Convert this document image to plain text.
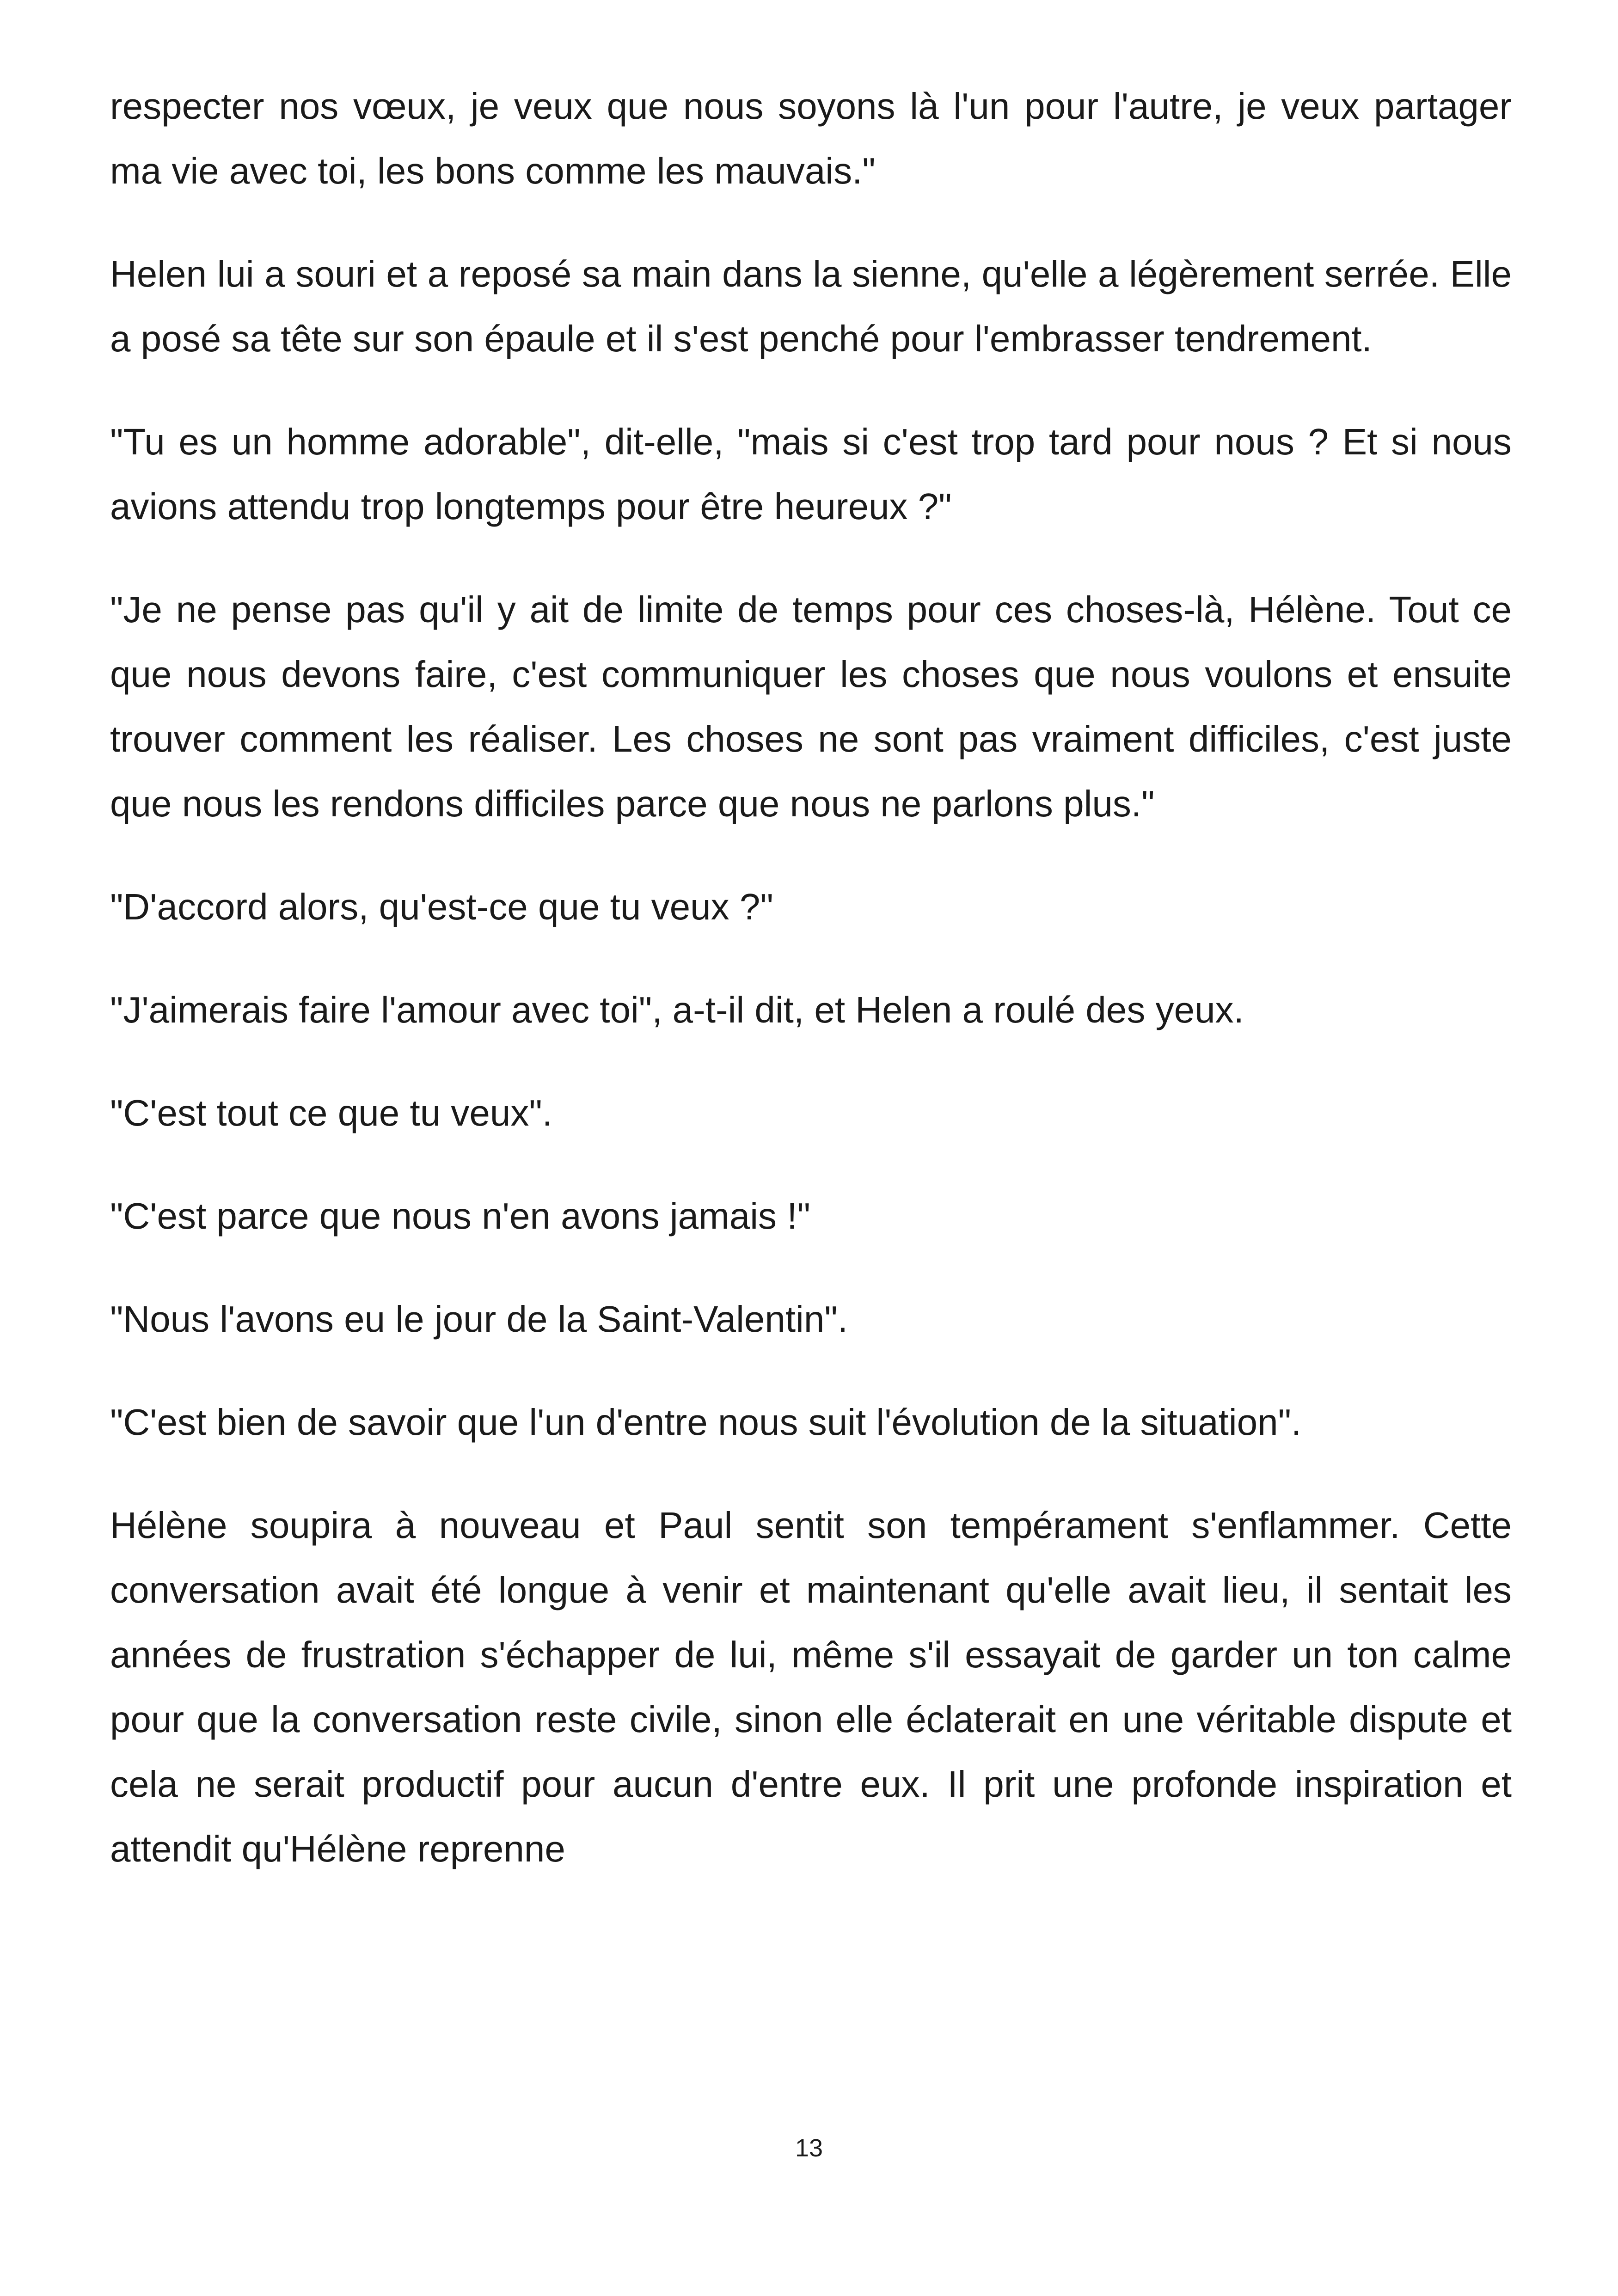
respecter nos vœux, je veux que nous soyons là l'un pour l'autre, je veux partager ma vie avec toi, les bons comme les mauvais."

Helen lui a souri et a reposé sa main dans la sienne, qu'elle a légèrement serrée. Elle a posé sa tête sur son épaule et il s'est penché pour l'embrasser tendrement.

"Tu es un homme adorable", dit-elle, "mais si c'est trop tard pour nous ? Et si nous avions attendu trop longtemps pour être heureux ?"

"Je ne pense pas qu'il y ait de limite de temps pour ces choses-là, Hélène. Tout ce que nous devons faire, c'est communiquer les choses que nous voulons et ensuite trouver comment les réaliser. Les choses ne sont pas vraiment difficiles, c'est juste que nous les rendons difficiles parce que nous ne parlons plus."

"D'accord alors, qu'est-ce que tu veux ?"

"J'aimerais faire l'amour avec toi", a-t-il dit, et Helen a roulé des yeux.

"C'est tout ce que tu veux".

"C'est parce que nous n'en avons jamais !"

"Nous l'avons eu le jour de la Saint-Valentin".

"C'est bien de savoir que l'un d'entre nous suit l'évolution de la situation".

Hélène soupira à nouveau et Paul sentit son tempérament s'enflammer. Cette conversation avait été longue à venir et maintenant qu'elle avait lieu, il sentait les années de frustration s'échapper de lui, même s'il essayait de garder un ton calme pour que la conversation reste civile, sinon elle éclaterait en une véritable dispute et cela ne serait productif pour aucun d'entre eux. Il prit une profonde inspiration et attendit qu'Hélène reprenne

13
